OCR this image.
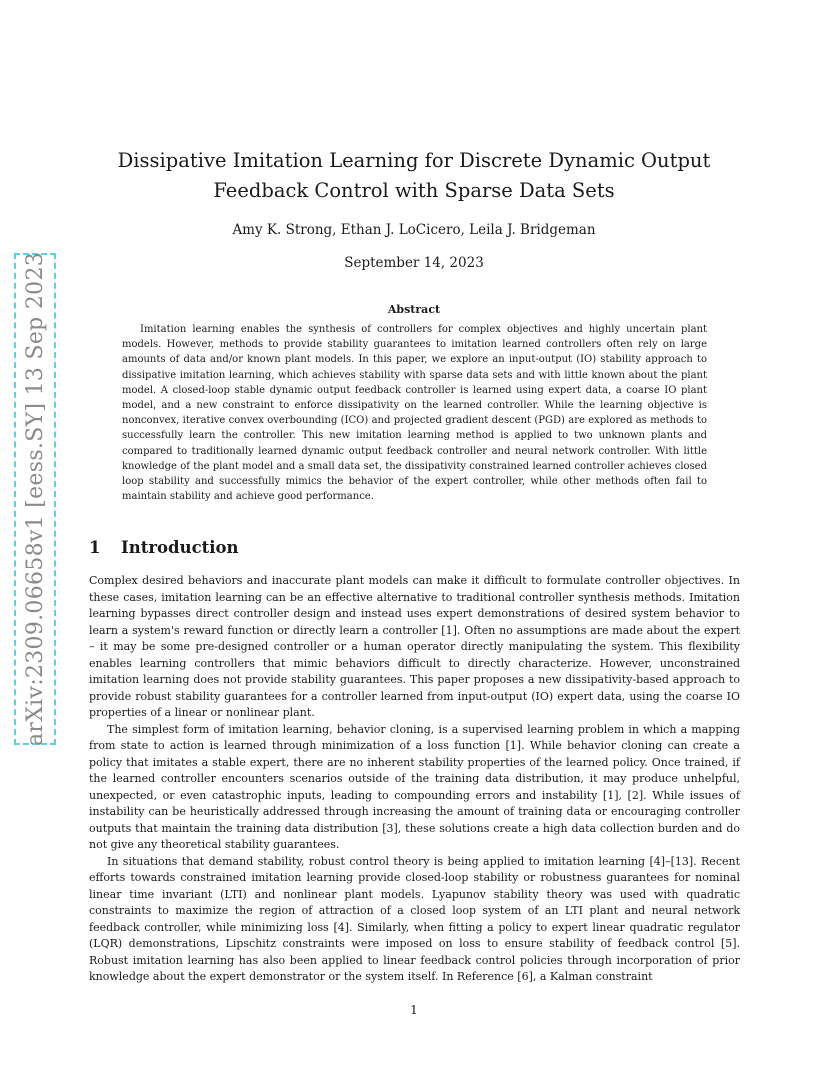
arXiv:2309.06658v1 [eess.SY] 13 Sep 2023
Dissipative Imitation Learning for Discrete Dynamic Output Feedback Control with Sparse Data Sets
Amy K. Strong, Ethan J. LoCicero, Leila J. Bridgeman
September 14, 2023
Abstract

Imitation learning enables the synthesis of controllers for complex objectives and highly uncertain plant models. However, methods to provide stability guarantees to imitation learned controllers often rely on large amounts of data and/or known plant models. In this paper, we explore an input-output (IO) stability approach to dissipative imitation learning, which achieves stability with sparse data sets and with little known about the plant model. A closed-loop stable dynamic output feedback controller is learned using expert data, a coarse IO plant model, and a new constraint to enforce dissipativity on the learned controller. While the learning objective is nonconvex, iterative convex overbounding (ICO) and projected gradient descent (PGD) are explored as methods to successfully learn the controller. This new imitation learning method is applied to two unknown plants and compared to traditionally learned dynamic output feedback controller and neural network controller. With little knowledge of the plant model and a small data set, the dissipativity constrained learned controller achieves closed loop stability and successfully mimics the behavior of the expert controller, while other methods often fail to maintain stability and achieve good performance.

1 Introduction

Complex desired behaviors and inaccurate plant models can make it difficult to formulate controller objectives. In these cases, imitation learning can be an effective alternative to traditional controller synthesis methods. Imitation learning bypasses direct controller design and instead uses expert demonstrations of desired system behavior to learn a system's reward function or directly learn a controller [1]. Often no assumptions are made about the expert – it may be some pre-designed controller or a human operator directly manipulating the system. This flexibility enables learning controllers that mimic behaviors difficult to directly characterize. However, unconstrained imitation learning does not provide stability guarantees. This paper proposes a new dissipativity-based approach to provide robust stability guarantees for a controller learned from input-output (IO) expert data, using the coarse IO properties of a linear or nonlinear plant.

The simplest form of imitation learning, behavior cloning, is a supervised learning problem in which a mapping from state to action is learned through minimization of a loss function [1]. While behavior cloning can create a policy that imitates a stable expert, there are no inherent stability properties of the learned policy. Once trained, if the learned controller encounters scenarios outside of the training data distribution, it may produce unhelpful, unexpected, or even catastrophic inputs, leading to compounding errors and instability [1], [2]. While issues of instability can be heuristically addressed through increasing the amount of training data or encouraging controller outputs that maintain the training data distribution [3], these solutions create a high data collection burden and do not give any theoretical stability guarantees.

In situations that demand stability, robust control theory is being applied to imitation learning [4]–[13]. Recent efforts towards constrained imitation learning provide closed-loop stability or robustness guarantees for nominal linear time invariant (LTI) and nonlinear plant models. Lyapunov stability theory was used with quadratic constraints to maximize the region of attraction of a closed loop system of an LTI plant and neural network feedback controller, while minimizing loss [4]. Similarly, when fitting a policy to expert linear quadratic regulator (LQR) demonstrations, Lipschitz constraints were imposed on loss to ensure stability of feedback control [5]. Robust imitation learning has also been applied to linear feedback control policies through incorporation of prior knowledge about the expert demonstrator or the system itself. In Reference [6], a Kalman constraint

1
